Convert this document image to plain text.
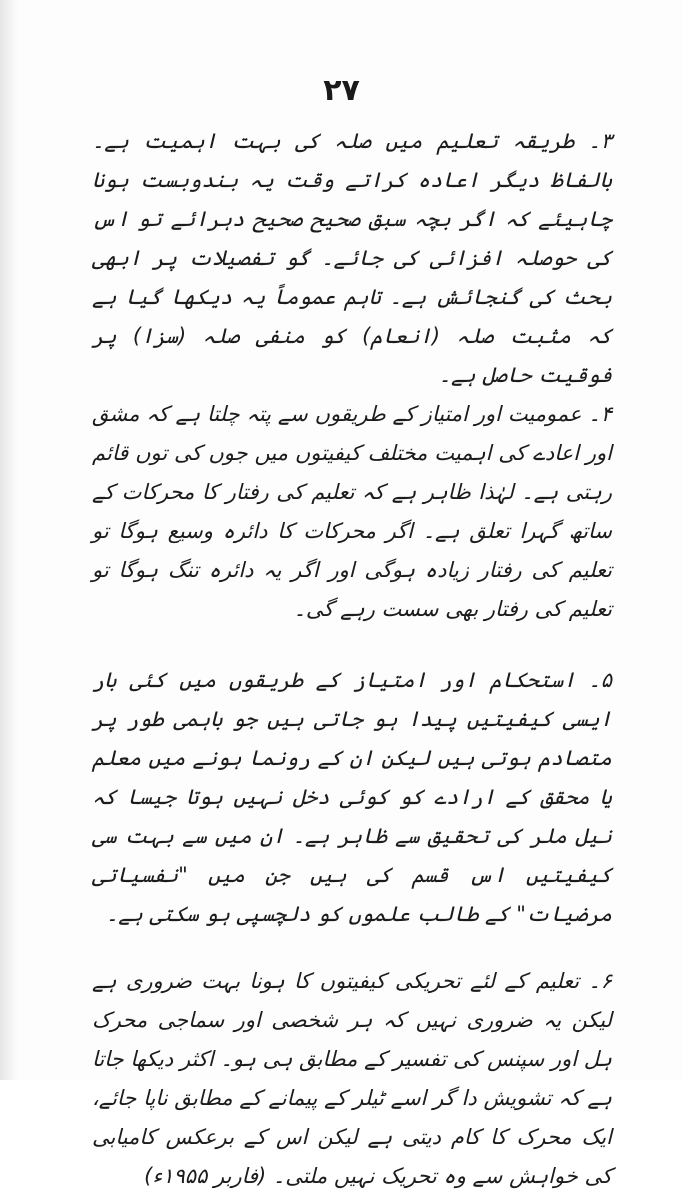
۲۷

۳۔ طریقہ تعلیم میں صلہ کی بہت اہمیت ہے۔ بالفاظ دیگر اعادہ کراتے وقت یہ بندوبست ہونا چاہیئے کہ اگر بچہ سبق صحیح صحیح دہرائے تو اس کی حوصلہ افزائی کی جائے۔ گو تفصیلات پر ابھی بحث کی گنجائش ہے۔ تاہم عموماً یہ دیکھا گیا ہے کہ مثبت صلہ (انعام) کو منفی صلہ (سزا) پر فوقیت حاصل ہے۔

۴۔ عمومیت اور امتیاز کے طریقوں سے پتہ چلتا ہے کہ مشق اور اعادے کی اہمیت مختلف کیفیتوں میں جوں کی توں قائم رہتی ہے۔ لہٰذا ظاہر ہے کہ تعلیم کی رفتار کا محرکات کے ساتھ گہرا تعلق ہے۔ اگر محرکات کا دائرہ وسیع ہوگا تو تعلیم کی رفتار زیادہ ہوگی اور اگر یہ دائرہ تنگ ہوگا تو تعلیم کی رفتار بھی سست رہے گی۔

۵۔ استحکام اور امتیاز کے طریقوں میں کئی بار ایسی کیفیتیں پیدا ہو جاتی ہیں جو باہمی طور پر متصادم ہوتی ہیں لیکن ان کے رونما ہونے میں معلم یا محقق کے ارادے کو کوئی دخل نہیں ہوتا جیسا کہ نیل ملر کی تحقیق سے ظاہر ہے۔ ان میں سے بہت سی کیفیتیں اس قسم کی ہیں جن میں "نفسیاتی مرضیات" کے طالب علموں کو دلچسپی ہو سکتی ہے۔

۶۔ تعلیم کے لئے تحریکی کیفیتوں کا ہونا بہت ضروری ہے لیکن یہ ضروری نہیں کہ ہر شخصی اور سماجی محرک ہل اور سپنس کی تفسیر کے مطابق ہی ہو۔ اکثر دیکھا جاتا ہے کہ تشویش دا گر اسے ٹیلر کے پیمانے کے مطابق ناپا جائے، ایک محرک کا کام دیتی ہے لیکن اس کے برعکس کامیابی کی خواہش سے وہ تحریک نہیں ملتی۔ (فاربر ۱۹۵۵ء)
